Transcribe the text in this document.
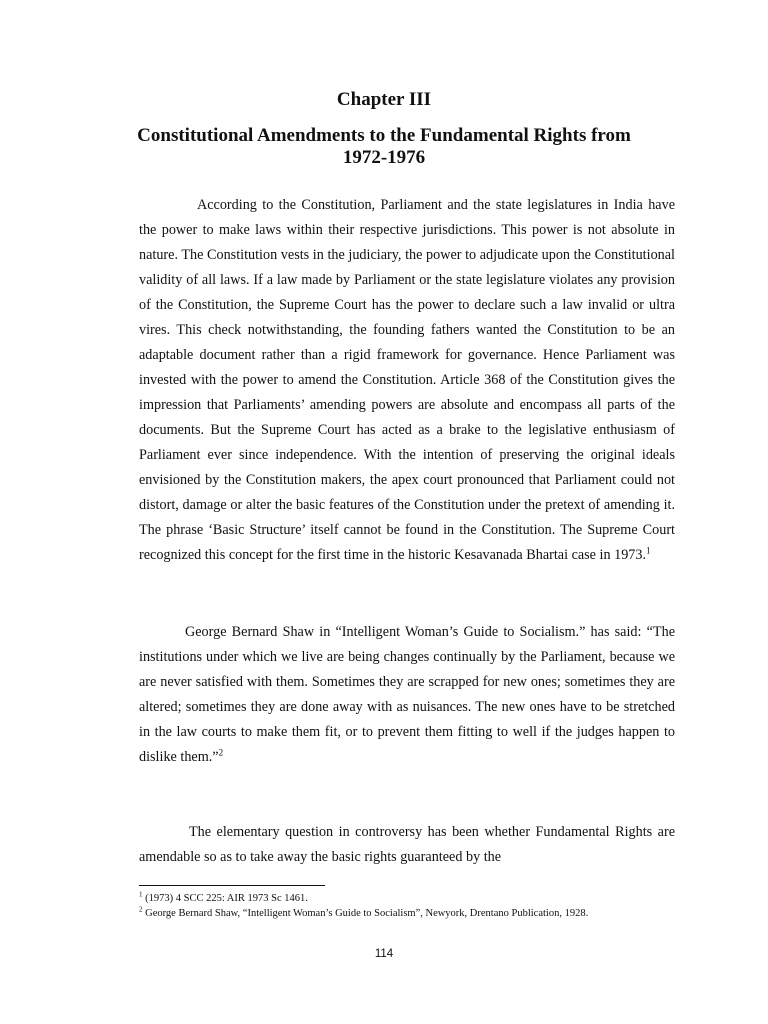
Chapter III
Constitutional Amendments to the Fundamental Rights from 1972-1976

According to the Constitution, Parliament and the state legislatures in India have the power to make laws within their respective jurisdictions. This power is not absolute in nature. The Constitution vests in the judiciary, the power to adjudicate upon the Constitutional validity of all laws. If a law made by Parliament or the state legislature violates any provision of the Constitution, the Supreme Court has the power to declare such a law invalid or ultra vires. This check notwithstanding, the founding fathers wanted the Constitution to be an adaptable document rather than a rigid framework for governance. Hence Parliament was invested with the power to amend the Constitution. Article 368 of the Constitution gives the impression that Parliaments’ amending powers are absolute and encompass all parts of the documents. But the Supreme Court has acted as a brake to the legislative enthusiasm of Parliament ever since independence. With the intention of preserving the original ideals envisioned by the Constitution makers, the apex court pronounced that Parliament could not distort, damage or alter the basic features of the Constitution under the pretext of amending it. The phrase ‘Basic Structure’ itself cannot be found in the Constitution. The Supreme Court recognized this concept for the first time in the historic Kesavanada Bhartai case in 1973.$^1$

George Bernard Shaw in “Intelligent Woman’s Guide to Socialism.” has said: “The institutions under which we live are being changes continually by the Parliament, because we are never satisfied with them. Sometimes they are scrapped for new ones; sometimes they are altered; sometimes they are done away with as nuisances. The new ones have to be stretched in the law courts to make them fit, or to prevent them fitting to well if the judges happen to dislike them.”$^2$

The elementary question in controversy has been whether Fundamental Rights are amendable so as to take away the basic rights guaranteed by the

$^1$ (1973) 4 SCC 225: AIR 1973 Sc 1461.

$^2$ George Bernard Shaw, “Intelligent Woman’s Guide to Socialism”, Newyork, Drentano Publication, 1928.

114
